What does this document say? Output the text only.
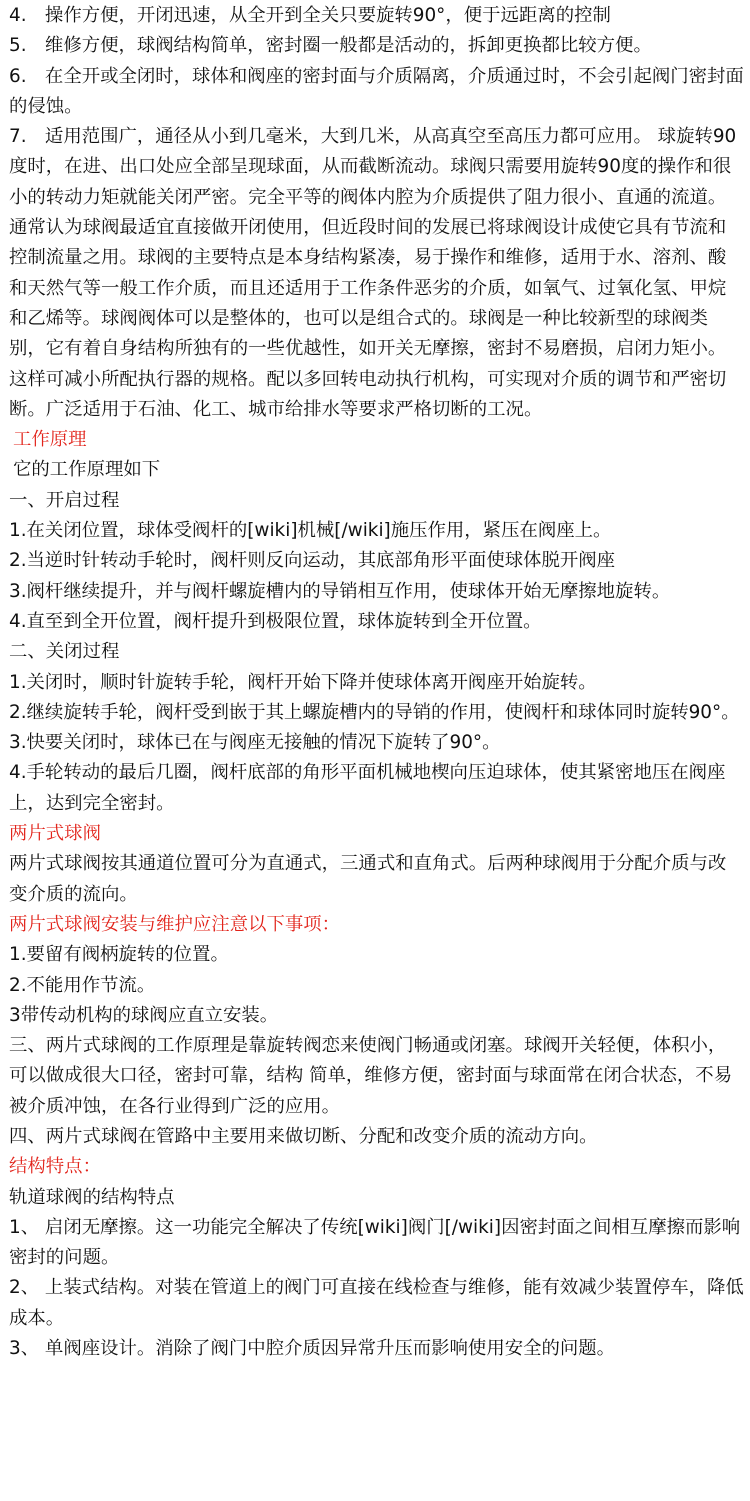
4.　操作方便，开闭迅速，从全开到全关只要旋转90°，便于远距离的控制

5.　维修方便，球阀结构简单，密封圈一般都是活动的，拆卸更换都比较方便。

6.　在全开或全闭时，球体和阀座的密封面与介质隔离，介质通过时，不会引起阀门密封面的侵蚀。

7.　适用范围广，通径从小到几毫米，大到几米，从高真空至高压力都可应用。 球旋转90度时，在进、出口处应全部呈现球面，从而截断流动。球阀只需要用旋转90度的操作和很小的转动力矩就能关闭严密。完全平等的阀体内腔为介质提供了阻力很小、直通的流道。通常认为球阀最适宜直接做开闭使用，但近段时间的发展已将球阀设计成使它具有节流和控制流量之用。球阀的主要特点是本身结构紧凑，易于操作和维修，适用于水、溶剂、酸和天然气等一般工作介质，而且还适用于工作条件恶劣的介质，如氧气、过氧化氢、甲烷和乙烯等。球阀阀体可以是整体的，也可以是组合式的。球阀是一种比较新型的球阀类别，它有着自身结构所独有的一些优越性，如开关无摩擦，密封不易磨损，启闭力矩小。这样可减小所配执行器的规格。配以多回转电动执行机构，可实现对介质的调节和严密切断。广泛适用于石油、化工、城市给排水等要求严格切断的工况。

工作原理

它的工作原理如下

一、开启过程

1.在关闭位置，球体受阀杆的[wiki]机械[/wiki]施压作用，紧压在阀座上。

2.当逆时针转动手轮时，阀杆则反向运动，其底部角形平面使球体脱开阀座

3.阀杆继续提升，并与阀杆螺旋槽内的导销相互作用，使球体开始无摩擦地旋转。

4.直至到全开位置，阀杆提升到极限位置，球体旋转到全开位置。

二、关闭过程

1.关闭时，顺时针旋转手轮，阀杆开始下降并使球体离开阀座开始旋转。

2.继续旋转手轮，阀杆受到嵌于其上螺旋槽内的导销的作用，使阀杆和球体同时旋转90°。

3.快要关闭时，球体已在与阀座无接触的情况下旋转了90°。

4.手轮转动的最后几圈，阀杆底部的角形平面机械地楔向压迫球体，使其紧密地压在阀座上，达到完全密封。

两片式球阀

两片式球阀按其通道位置可分为直通式，三通式和直角式。后两种球阀用于分配介质与改变介质的流向。

两片式球阀安装与维护应注意以下事项：

1.要留有阀柄旋转的位置。

2.不能用作节流。

3带传动机构的球阀应直立安装。

三、两片式球阀的工作原理是靠旋转阀恋来使阀门畅通或闭塞。球阀开关轻便，体积小，可以做成很大口径，密封可靠，结构 简单，维修方便，密封面与球面常在闭合状态，不易被介质冲蚀，在各行业得到广泛的应用。

四、两片式球阀在管路中主要用来做切断、分配和改变介质的流动方向。

结构特点：

轨道球阀的结构特点

1、 启闭无摩擦。这一功能完全解决了传统[wiki]阀门[/wiki]因密封面之间相互摩擦而影响密封的问题。

2、 上装式结构。对装在管道上的阀门可直接在线检查与维修，能有效减少装置停车，降低成本。

3、 单阀座设计。消除了阀门中腔介质因异常升压而影响使用安全的问题。
